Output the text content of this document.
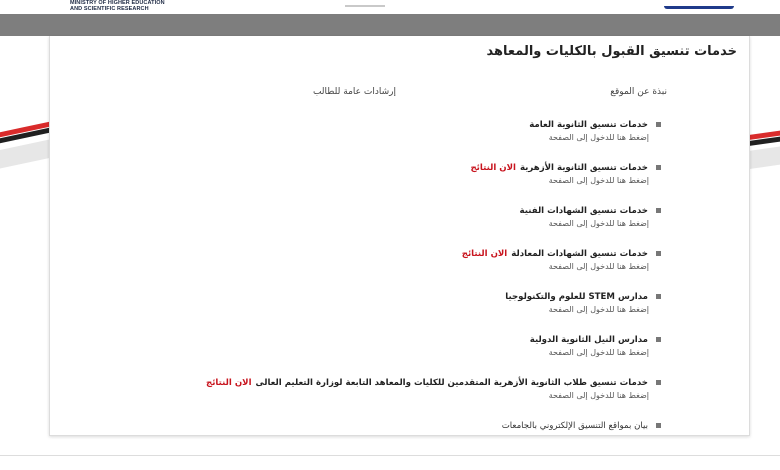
MINISTRY OF HIGHER EDUCATION
AND SCIENTIFIC RESEARCH
خدمات تنسيق القبول بالكليات والمعاهد
نبذة عن الموقع
إرشادات عامة للطالب
خدمات تنسيق الثانوية العامة
إضغط هنا للدخول إلى الصفحة
خدمات تنسيق الثانوية الأزهرية
الان النتائج
إضغط هنا للدخول إلى الصفحة
خدمات تنسيق الشهادات الفنية
إضغط هنا للدخول إلى الصفحة
خدمات تنسيق الشهادات المعادلة
الان النتائج
إضغط هنا للدخول إلى الصفحة
مدارس STEM للعلوم والتكنولوجيا
إضغط هنا للدخول إلى الصفحة
مدارس النيل الثانوية الدولية
إضغط هنا للدخول إلى الصفحة
خدمات تنسيق طلاب الثانوية الأزهرية المتقدمين للكليات والمعاهد التابعة لوزارة التعليم العالى
الان النتائج
إضغط هنا للدخول إلى الصفحة
بيان بمواقع التنسيق الإلكتروني بالجامعات
